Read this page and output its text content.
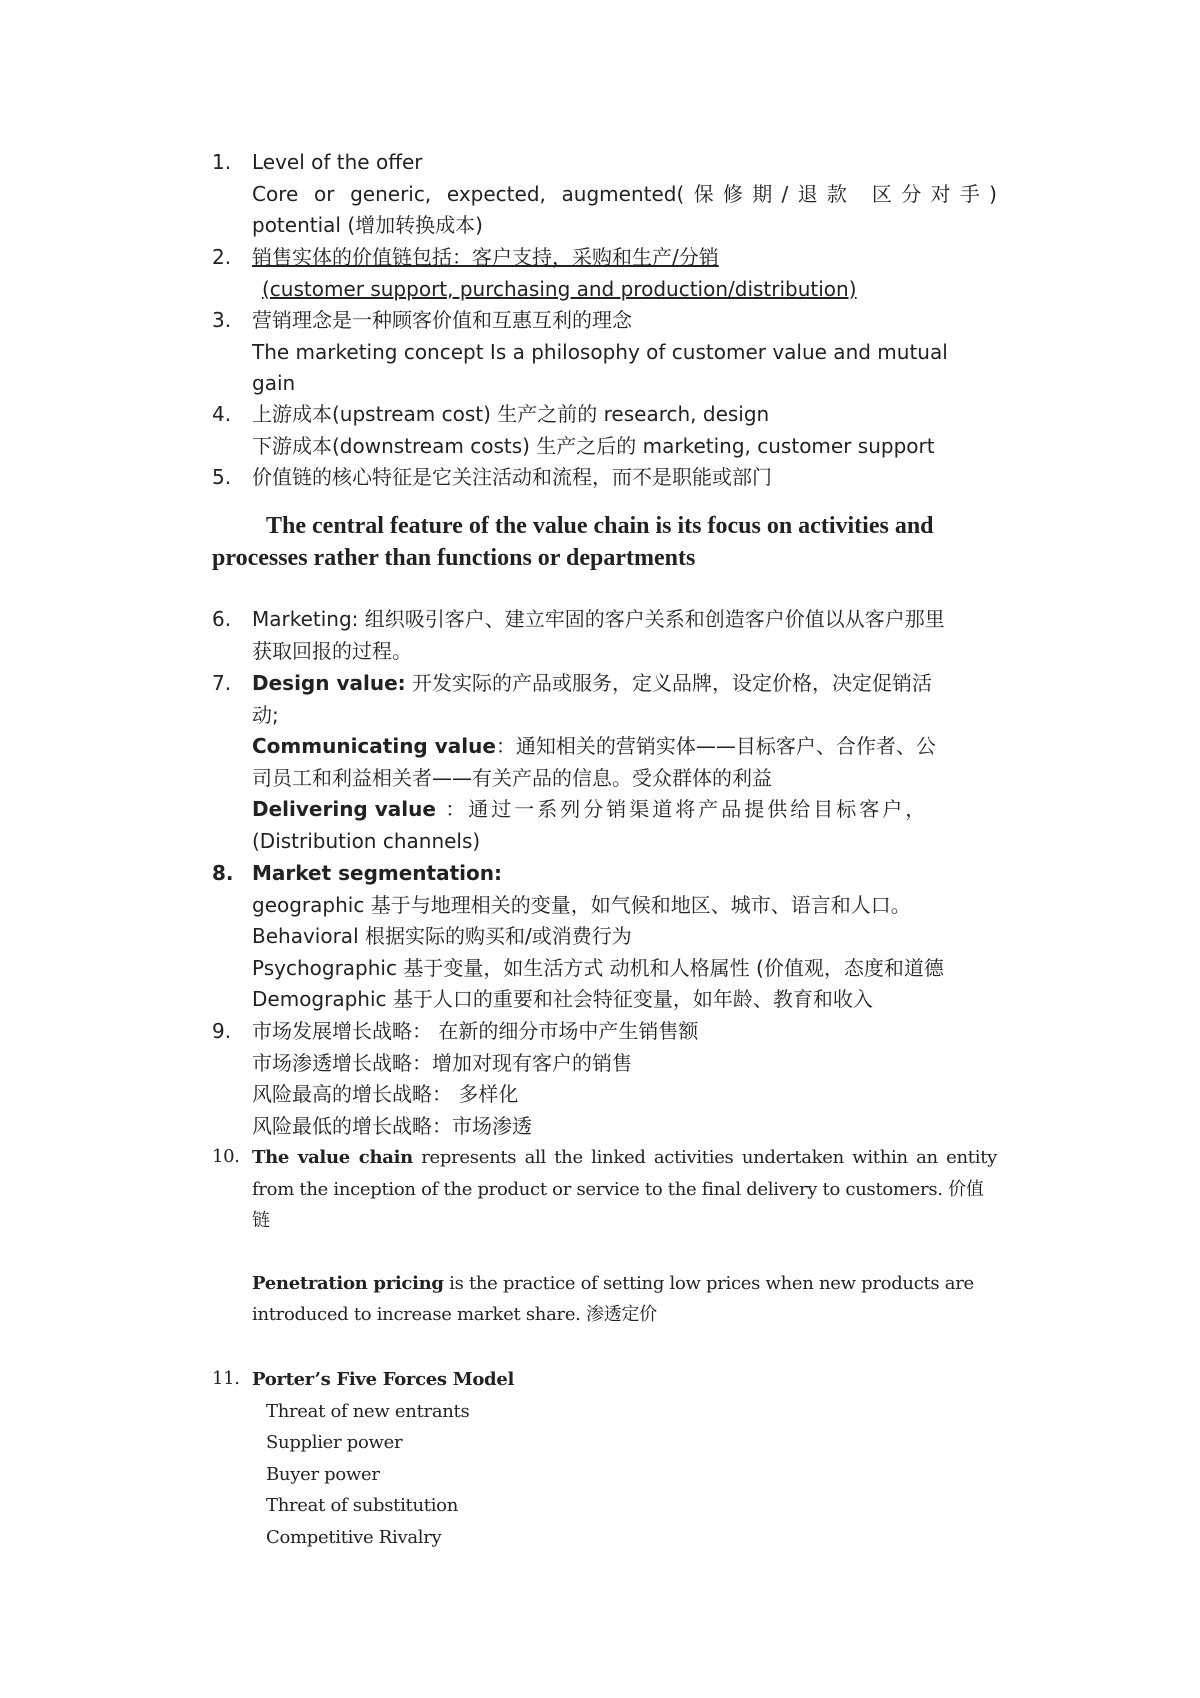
1. Level of the offer
Core or generic, expected, augmented(保修期/退款 区分对手)
potential (增加转换成本)
2. 销售实体的价值链包括：客户支持，采购和生产/分销
(customer support, purchasing and production/distribution)
3. 营销理念是一种顾客价值和互惠互利的理念
The marketing concept Is a philosophy of customer value and mutual
gain
4. 上游成本(upstream cost) 生产之前的 research, design
下游成本(downstream costs) 生产之后的 marketing, customer support
5. 价值链的核心特征是它关注活动和流程，而不是职能或部门
The central feature of the value chain is its focus on activities and processes rather than functions or departments
6. Marketing: 组织吸引客户、建立牢固的客户关系和创造客户价值以从客户那里
获取回报的过程。
7. Design value: 开发实际的产品或服务，定义品牌，设定价格，决定促销活
动;
Communicating value：通知相关的营销实体——目标客户、合作者、公
司员工和利益相关者——有关产品的信息。受众群体的利益
Delivering value ：通过一系列分销渠道将产品提供给目标客户，
(Distribution channels)
8. Market segmentation:
geographic 基于与地理相关的变量，如气候和地区、城市、语言和人口。
Behavioral 根据实际的购买和/或消费行为
Psychographic 基于变量，如生活方式 动机和人格属性 (价值观，态度和道德
Demographic 基于人口的重要和社会特征变量，如年龄、教育和收入
9. 市场发展增长战略： 在新的细分市场中产生销售额
市场渗透增长战略：增加对现有客户的销售
风险最高的增长战略： 多样化
风险最低的增长战略：市场渗透
10. The value chain represents all the linked activities undertaken within an entity
from the inception of the product or service to the final delivery to customers. 价值
链
Penetration pricing is the practice of setting low prices when new products are
introduced to increase market share. 渗透定价
11. Porter’s Five Forces Model
Threat of new entrants
Supplier power
Buyer power
Threat of substitution
Competitive Rivalry
